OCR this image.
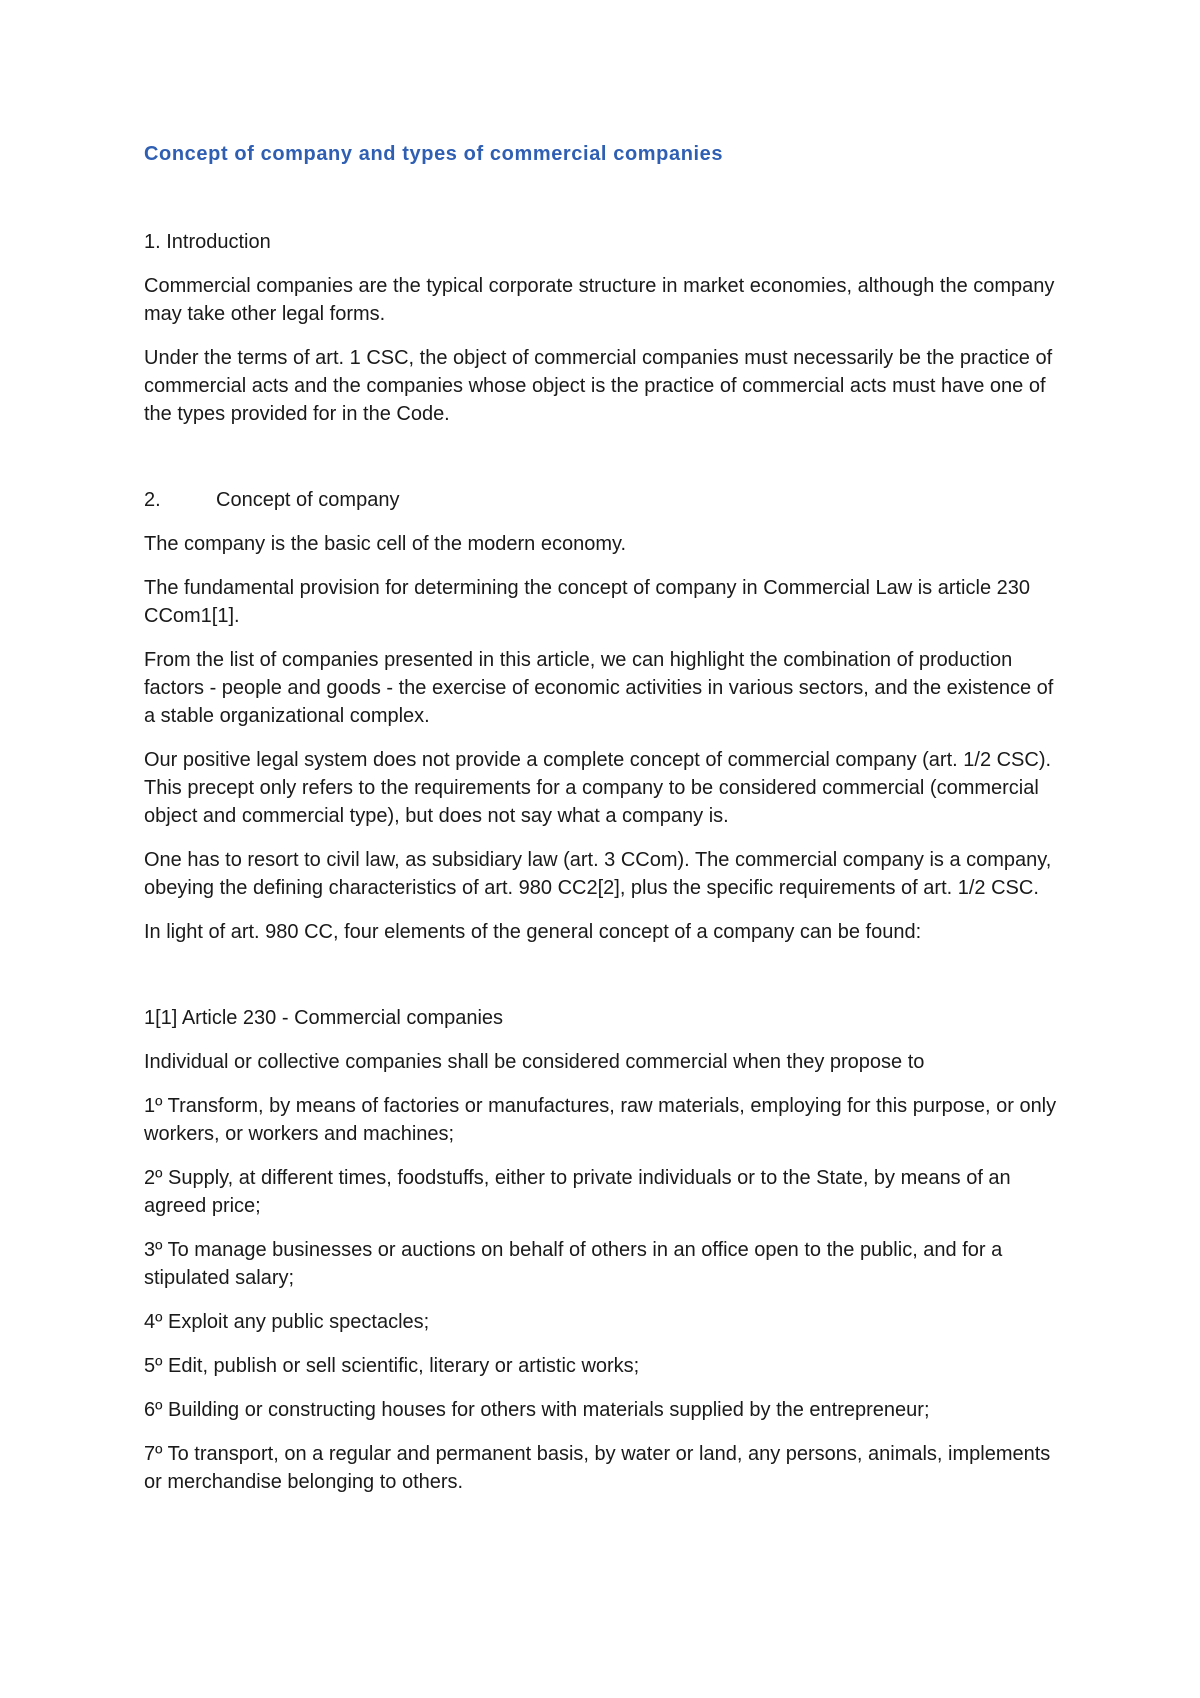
Concept of company and types of commercial companies

1. Introduction

Commercial companies are the typical corporate structure in market economies, although the company may take other legal forms.

Under the terms of art. 1 CSC, the object of commercial companies must necessarily be the practice of commercial acts and the companies whose object is the practice of commercial acts must have one of the types provided for in the Code.

2.	Concept of company

The company is the basic cell of the modern economy.

The fundamental provision for determining the concept of company in Commercial Law is article 230 CCom1[1].

From the list of companies presented in this article, we can highlight the combination of production factors - people and goods - the exercise of economic activities in various sectors, and the existence of a stable organizational complex.

Our positive legal system does not provide a complete concept of commercial company (art. 1/2 CSC). This precept only refers to the requirements for a company to be considered commercial (commercial object and commercial type), but does not say what a company is.

One has to resort to civil law, as subsidiary law (art. 3 CCom). The commercial company is a company, obeying the defining characteristics of art. 980 CC2[2], plus the specific requirements of art. 1/2 CSC.

In light of art. 980 CC, four elements of the general concept of a company can be found:

1[1] Article 230 - Commercial companies

Individual or collective companies shall be considered commercial when they propose to

1º Transform, by means of factories or manufactures, raw materials, employing for this purpose, or only workers, or workers and machines;

2º Supply, at different times, foodstuffs, either to private individuals or to the State, by means of an agreed price;

3º To manage businesses or auctions on behalf of others in an office open to the public, and for a stipulated salary;

4º Exploit any public spectacles;

5º Edit, publish or sell scientific, literary or artistic works;

6º Building or constructing houses for others with materials supplied by the entrepreneur;

7º To transport, on a regular and permanent basis, by water or land, any persons, animals, implements or merchandise belonging to others.
